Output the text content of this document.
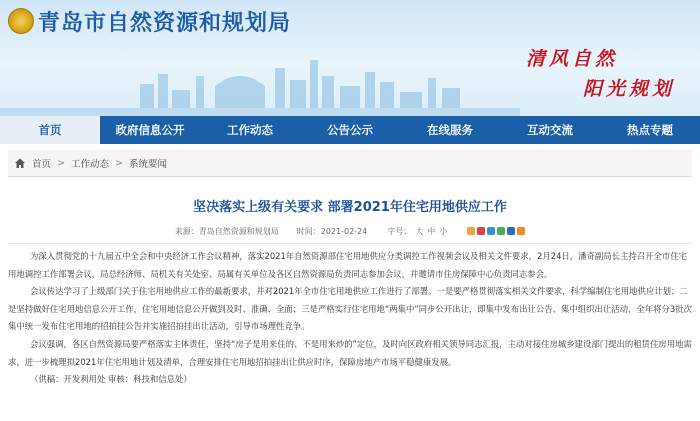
青岛市自然资源和规划局
清风自然
阳光规划
首页	政府信息公开	工作动态	公告公示	在线服务	互动交流	热点专题
首页 > 工作动态 > 系统要闻
坚决落实上级有关要求 部署2021年住宅用地供应工作
来源：青岛自然资源和规划局 时间：2021-02-24	字号： 大 中 小

为深入贯彻党的十九届五中全会和中央经济工作会议精神，落实2021年自然资源部住宅用地供应分类调控工作视频会议及相关文件要求，2月24日，潘奇副局长主持召开全市住宅用地调控工作部署会议，局总经济师、局机关有关处室、局属有关单位及各区自然资源局负责同志参加会议，并邀请市住房保障中心负责同志参会。

会议传达学习了上级部门关于住宅用地供应工作的最新要求，并对2021年全市住宅用地供应工作进行了部署。一是要严格贯彻落实相关文件要求，科学编制住宅用地供应计划；二是坚持做好住宅用地信息公开工作，住宅用地信息公开做到及时、准确、全面；三是严格实行住宅用地“两集中”同步公开出让，即集中发布出让公告、集中组织出让活动，全年将分3批次集中统一发布住宅用地的招拍挂公告并实施招拍挂出让活动，引导市场理性竞争。

会议强调，各区自然资源局要严格落实主体责任，坚持“房子是用来住的、不是用来炒的”定位，及时向区政府相关领导同志汇报，主动对接住房城乡建设部门提出的租赁住房用地需求，进一步梳理拟2021年住宅用地计划及清单，合理安排住宅用地招拍挂出让供应时序，保障房地产市场平稳健康发展。

（供稿：开发利用处 审核：科技和信息处）
